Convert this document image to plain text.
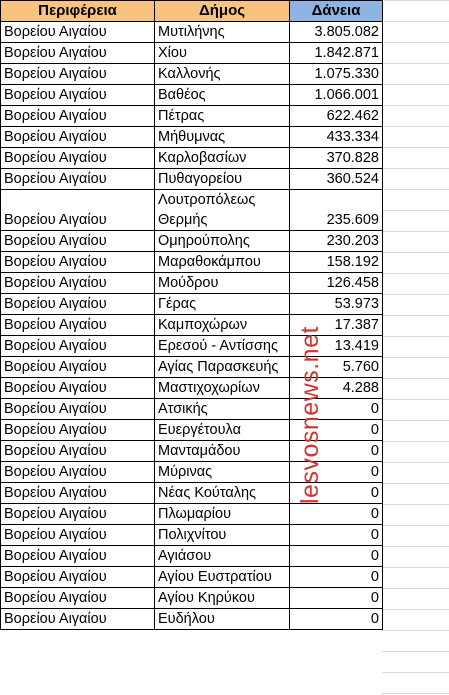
Περιφέρεια	Δήμος	Δάνεια
Βορείου Αιγαίου	Μυτιλήνης	3.805.082
Βορείου Αιγαίου	Χίου	1.842.871
Βορείου Αιγαίου	Καλλονής	1.075.330
Βορείου Αιγαίου	Βαθέος	1.066.001
Βορείου Αιγαίου	Πέτρας	622.462
Βορείου Αιγαίου	Μήθυμνας	433.334
Βορείου Αιγαίου	Καρλοβασίων	370.828
Βορείου Αιγαίου	Πυθαγορείου	360.524
Βορείου Αιγαίου	Λουτροπόλεως Θερμής	235.609
Βορείου Αιγαίου	Ομηρούπολης	230.203
Βορείου Αιγαίου	Μαραθοκάμπου	158.192
Βορείου Αιγαίου	Μούδρου	126.458
Βορείου Αιγαίου	Γέρας	53.973
Βορείου Αιγαίου	Καμποχώρων	17.387
Βορείου Αιγαίου	Ερεσού - Αντίσσης	13.419
Βορείου Αιγαίου	Αγίας Παρασκευής	5.760
Βορείου Αιγαίου	Μαστιχοχωρίων	4.288
Βορείου Αιγαίου	Ατσικής	0
Βορείου Αιγαίου	Ευεργέτουλα	0
Βορείου Αιγαίου	Μανταμάδου	0
Βορείου Αιγαίου	Μύρινας	0
Βορείου Αιγαίου	Νέας Κούταλης	0
Βορείου Αιγαίου	Πλωμαρίου	0
Βορείου Αιγαίου	Πολιχνίτου	0
Βορείου Αιγαίου	Αγιάσου	0
Βορείου Αιγαίου	Αγίου Ευστρατίου	0
Βορείου Αιγαίου	Αγίου Κηρύκου	0
Βορείου Αιγαίου	Ευδήλου	0
lesvosnews.net
